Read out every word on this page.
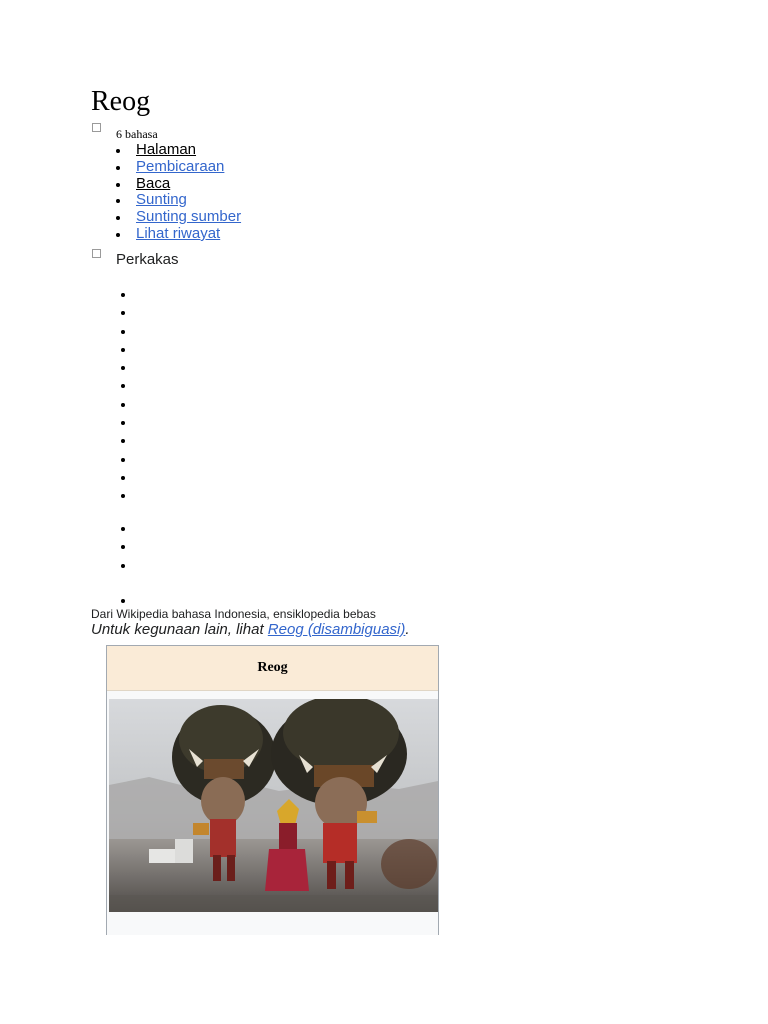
Reog
6 bahasa
Halaman
Pembicaraan
Baca
Sunting
Sunting sumber
Lihat riwayat
Perkakas
Dari Wikipedia bahasa Indonesia, ensiklopedia bebas
Untuk kegunaan lain, lihat Reog (disambiguasi).
Reog
